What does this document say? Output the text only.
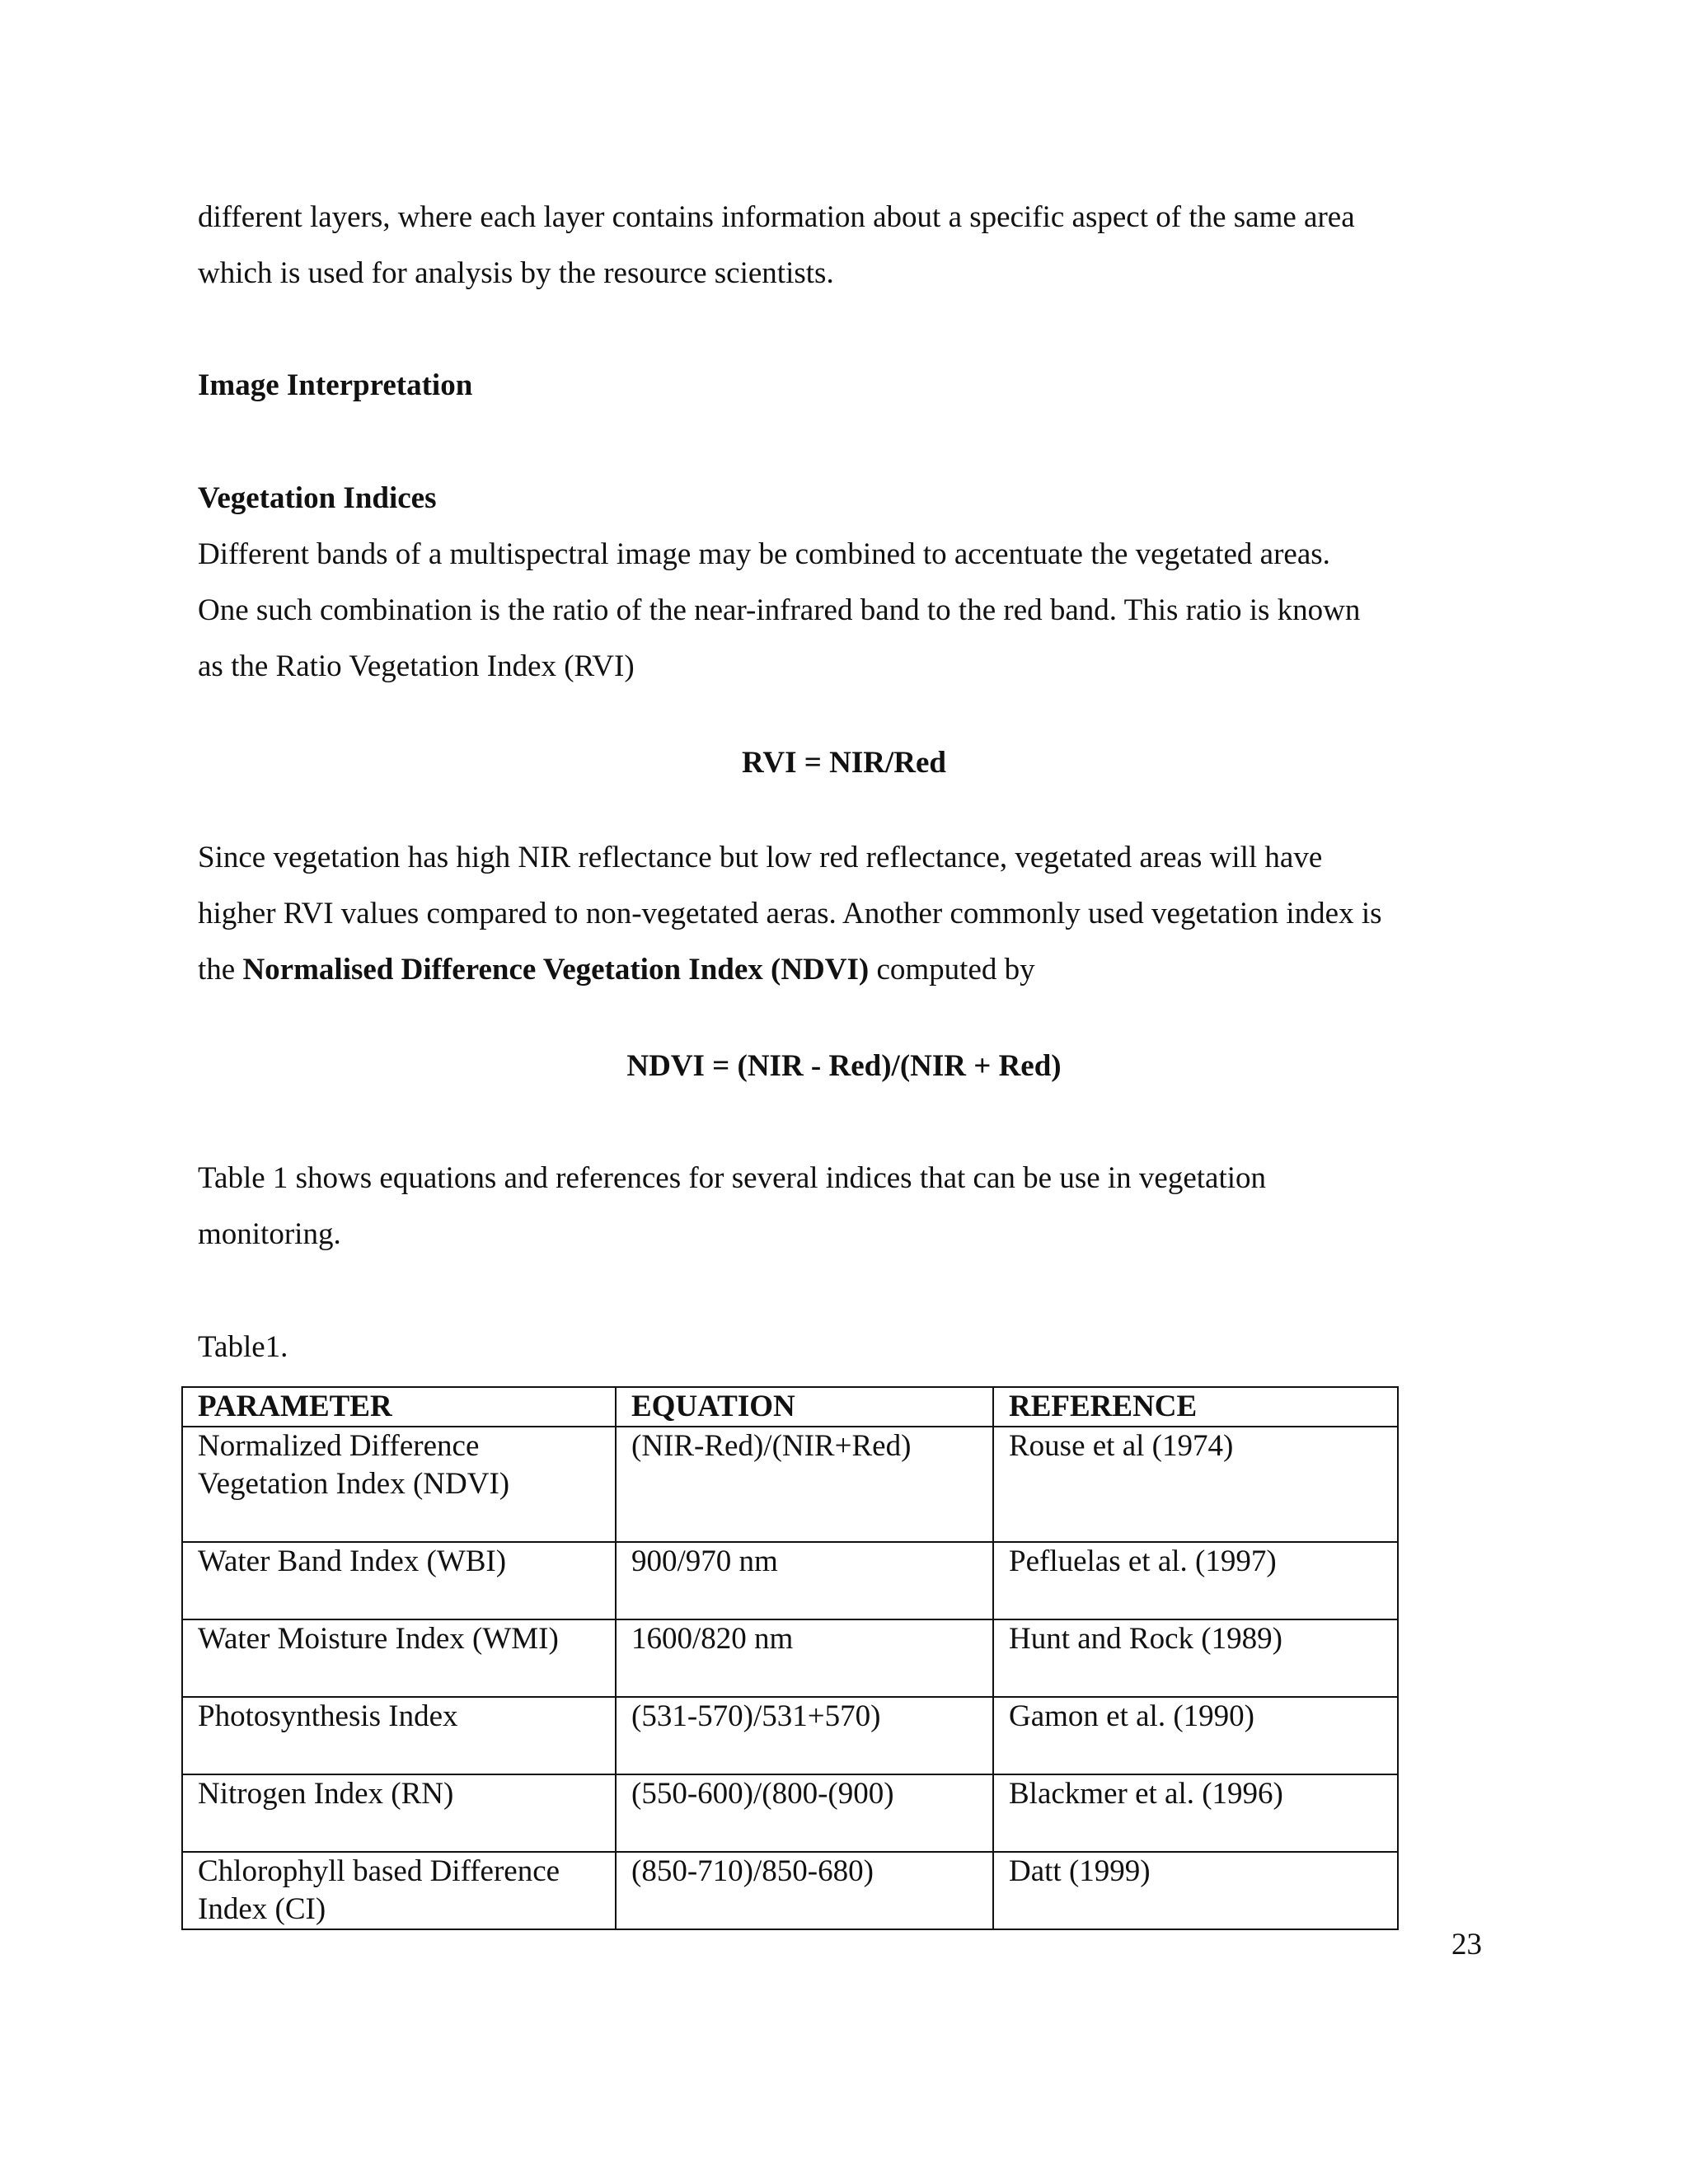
different layers, where each layer contains information about a specific aspect of the same area
which is used for analysis by the resource scientists.
Image Interpretation
Vegetation Indices
Different bands of a multispectral image may be combined to accentuate the vegetated areas.
One such combination is the ratio of the near-infrared band to the red band. This ratio is known
as the Ratio Vegetation Index (RVI)
RVI = NIR/Red
Since vegetation has high NIR reflectance but low red reflectance, vegetated areas will have
higher RVI values compared to non-vegetated aeras. Another commonly used vegetation index is
the Normalised Difference Vegetation Index (NDVI) computed by
NDVI = (NIR - Red)/(NIR + Red)
Table 1 shows equations and references for several indices that can be use in vegetation
monitoring.
Table1.
PARAMETER	EQUATION	REFERENCE
Normalized Difference Vegetation Index (NDVI)	(NIR-Red)/(NIR+Red)	Rouse et al (1974)
Water Band Index (WBI)	900/970 nm	Pefluelas et al. (1997)
Water Moisture Index (WMI)	1600/820 nm	Hunt and Rock (1989)
Photosynthesis Index	(531-570)/531+570)	Gamon et al. (1990)
Nitrogen Index (RN)	(550-600)/(800-(900)	Blackmer et al. (1996)
Chlorophyll based Difference Index (CI)	(850-710)/850-680)	Datt (1999)
23
